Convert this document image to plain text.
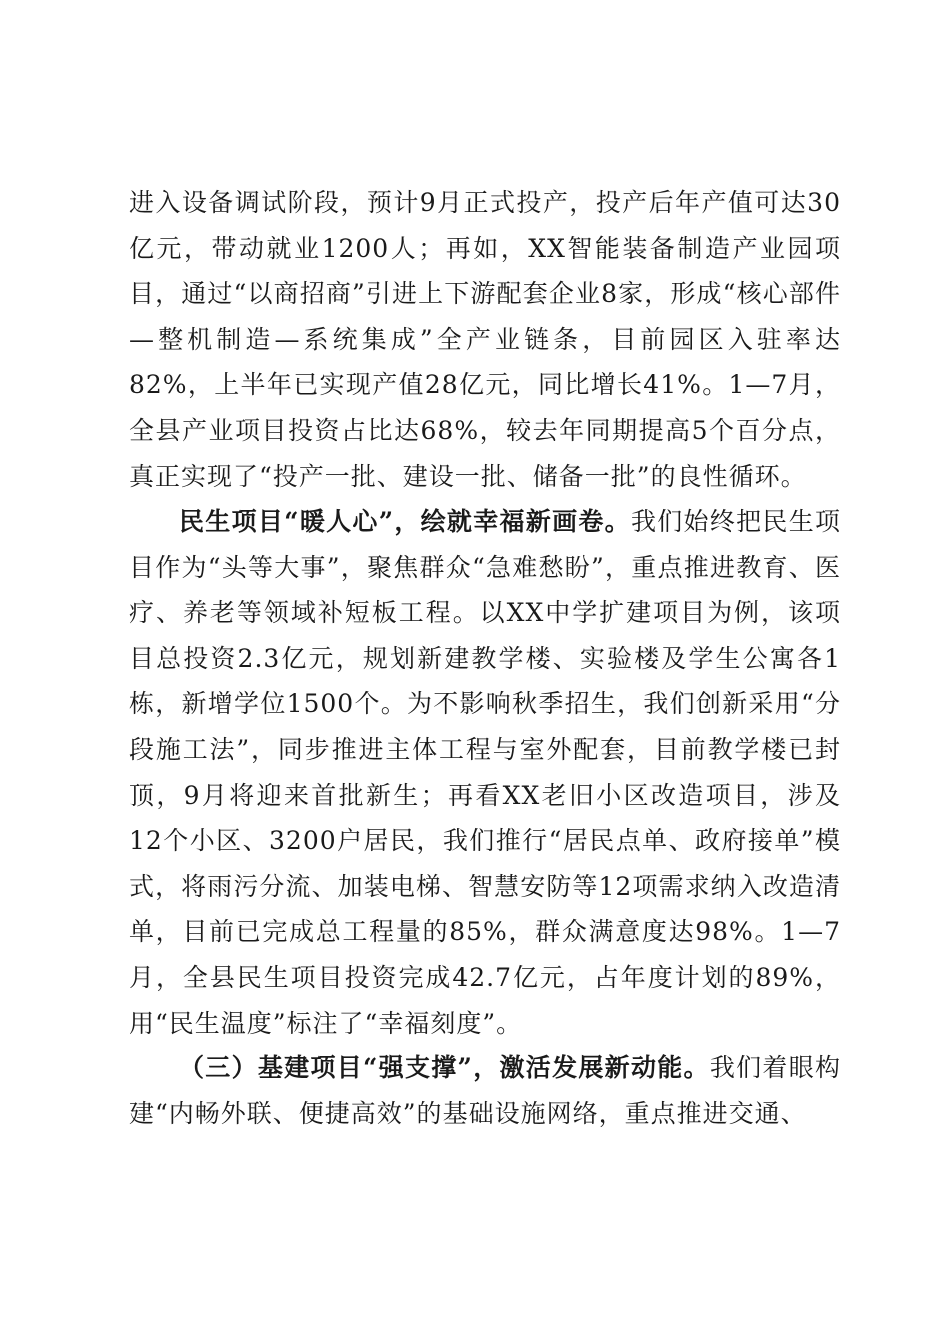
进入设备调试阶段，预计9月正式投产，投产后年产值可达30亿元，带动就业1200人；再如，XX智能装备制造产业园项目，通过“以商招商”引进上下游配套企业8家，形成“核心部件—整机制造—系统集成”全产业链条，目前园区入驻率达82%，上半年已实现产值28亿元，同比增长41%。1—7月，全县产业项目投资占比达68%，较去年同期提高5个百分点，真正实现了“投产一批、建设一批、储备一批”的良性循环。

民生项目“暖人心”，绘就幸福新画卷。我们始终把民生项目作为“头等大事”，聚焦群众“急难愁盼”，重点推进教育、医疗、养老等领域补短板工程。以XX中学扩建项目为例，该项目总投资2.3亿元，规划新建教学楼、实验楼及学生公寓各1栋，新增学位1500个。为不影响秋季招生，我们创新采用“分段施工法”，同步推进主体工程与室外配套，目前教学楼已封顶，9月将迎来首批新生；再看XX老旧小区改造项目，涉及12个小区、3200户居民，我们推行“居民点单、政府接单”模式，将雨污分流、加装电梯、智慧安防等12项需求纳入改造清单，目前已完成总工程量的85%，群众满意度达98%。1—7月，全县民生项目投资完成42.7亿元，占年度计划的89%，用“民生温度”标注了“幸福刻度”。

（三）基建项目“强支撑”，激活发展新动能。我们着眼构建“内畅外联、便捷高效”的基础设施网络，重点推进交通、
